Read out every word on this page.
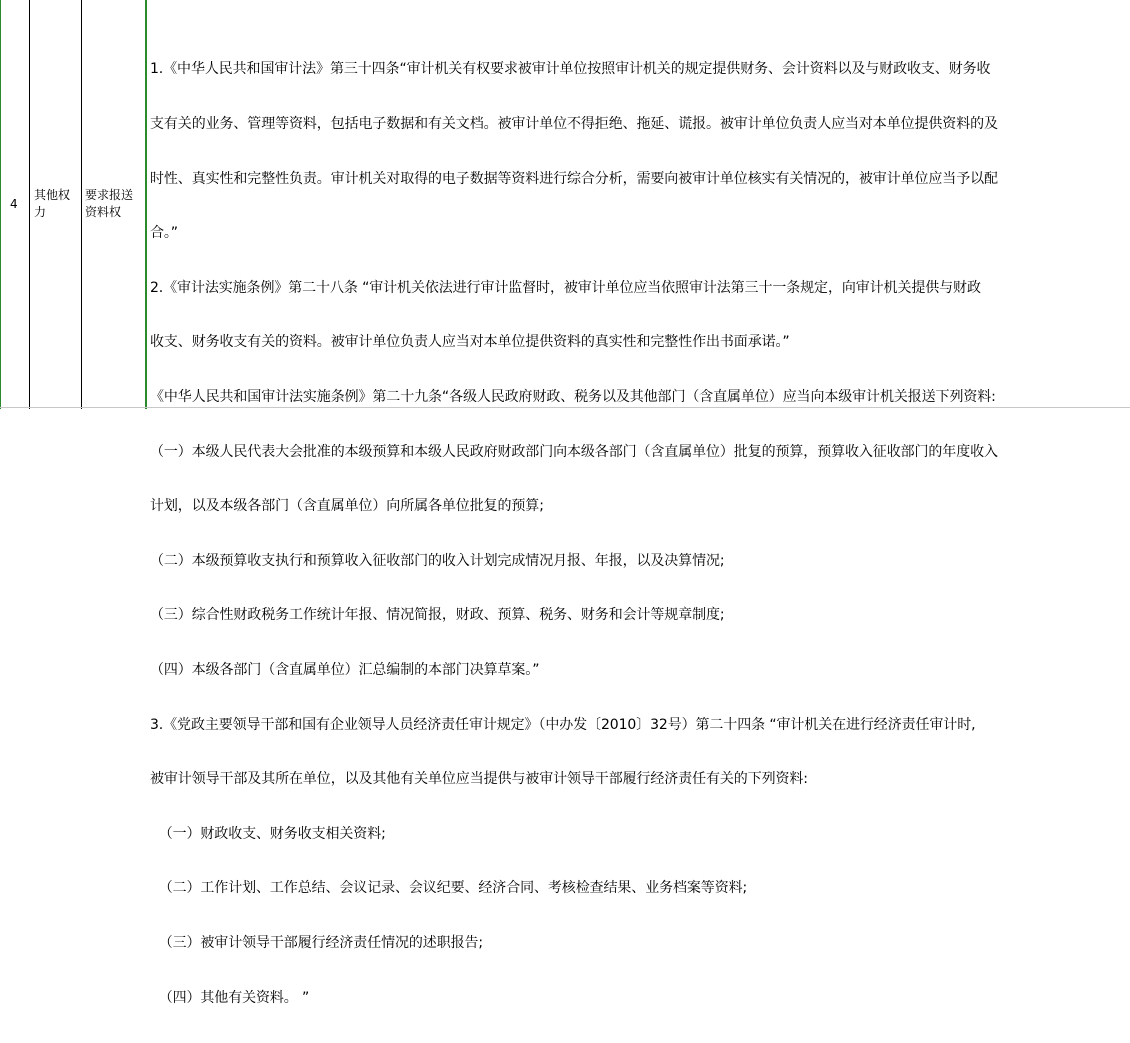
4
其他权
力
要求报送
资料权

1.《中华人民共和国审计法》第三十四条“审计机关有权要求被审计单位按照审计机关的规定提供财务、会计资料以及与财政收支、财务收

支有关的业务、管理等资料，包括电子数据和有关文档。被审计单位不得拒绝、拖延、谎报。被审计单位负责人应当对本单位提供资料的及

时性、真实性和完整性负责。审计机关对取得的电子数据等资料进行综合分析，需要向被审计单位核实有关情况的，被审计单位应当予以配

合。”

2.《审计法实施条例》第二十八条 “审计机关依法进行审计监督时，被审计单位应当依照审计法第三十一条规定，向审计机关提供与财政

收支、财务收支有关的资料。被审计单位负责人应当对本单位提供资料的真实性和完整性作出书面承诺。”

《中华人民共和国审计法实施条例》第二十九条“各级人民政府财政、税务以及其他部门（含直属单位）应当向本级审计机关报送下列资料:

（一）本级人民代表大会批准的本级预算和本级人民政府财政部门向本级各部门（含直属单位）批复的预算，预算收入征收部门的年度收入

计划，以及本级各部门（含直属单位）向所属各单位批复的预算;

（二）本级预算收支执行和预算收入征收部门的收入计划完成情况月报、年报，以及决算情况;

（三）综合性财政税务工作统计年报、情况简报，财政、预算、税务、财务和会计等规章制度;

（四）本级各部门（含直属单位）汇总编制的本部门决算草案。”

3.《党政主要领导干部和国有企业领导人员经济责任审计规定》（中办发〔2010〕32号）第二十四条 “审计机关在进行经济责任审计时,

被审计领导干部及其所在单位，以及其他有关单位应当提供与被审计领导干部履行经济责任有关的下列资料:

（一）财政收支、财务收支相关资料;

（二）工作计划、工作总结、会议记录、会议纪要、经济合同、考核检查结果、业务档案等资料;

（三）被审计领导干部履行经济责任情况的述职报告;

（四）其他有关资料。 ”
